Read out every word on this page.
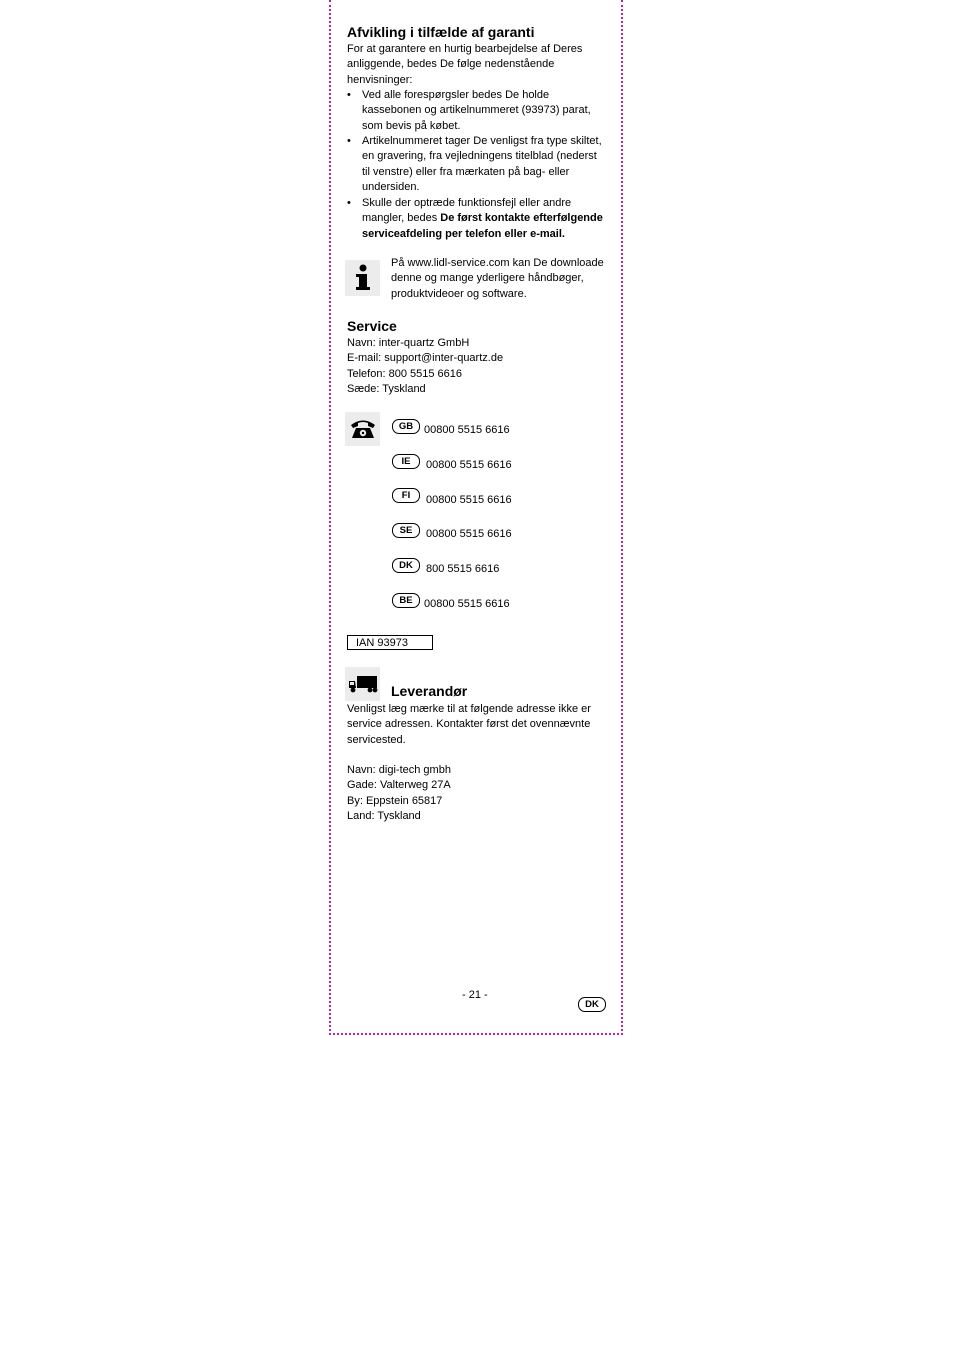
Afvikling i tilfælde af garanti
For at garantere en hurtig bearbejdelse af Deres
anliggende, bedes De følge nedenstående
henvisninger:
• Ved alle forespørgsler bedes De holde
kassebonen og artikelnummeret (93973) parat,
som bevis på købet.
• Artikelnummeret tager De venligst fra type skiltet,
en gravering, fra vejledningens titelblad (nederst
til venstre) eller fra mærkaten på bag- eller
undersiden.
• Skulle der optræde funktionsfejl eller andre
mangler, bedes De først kontakte efterfølgende
serviceafdeling per telefon eller e-mail.
På www.lidl-service.com kan De downloade
denne og mange yderligere håndbøger,
produktvideoer og software.
Service
Navn: inter-quartz GmbH
E-mail: support@inter-quartz.de
Telefon: 800 5515 6616
Sæde: Tyskland
GB 00800 5515 6616
IE	00800 5515 6616
FI	00800 5515 6616
SE	00800 5515 6616
DK	800 5515 6616
BE	00800 5515 6616
IAN 93973
Leverandør
Venligst læg mærke til at følgende adresse ikke er
service adressen. Kontakter først det ovennævnte
servicested.
Navn: digi-tech gmbh
Gade: Valterweg 27A
By: Eppstein 65817
Land: Tyskland
- 21 -
DK
